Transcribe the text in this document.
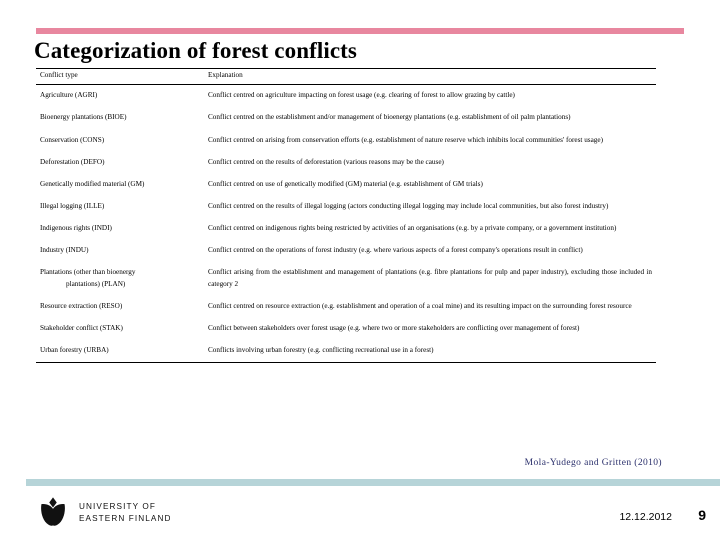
Categorization of forest conflicts
Conflict type	Explanation
Agriculture (AGRI)	Conflict centred on agriculture impacting on forest usage (e.g. clearing of forest to allow grazing by cattle)
Bioenergy plantations (BIOE)	Conflict centred on the establishment and/or management of bioenergy plantations (e.g. establishment of oil palm plantations)
Conservation (CONS)	Conflict centred on arising from conservation efforts (e.g. establishment of nature reserve which inhibits local communities' forest usage)
Deforestation (DEFO)	Conflict centred on the results of deforestation (various reasons may be the cause)
Genetically modified material (GM)	Conflict centred on use of genetically modified (GM) material (e.g. establishment of GM trials)
Illegal logging (ILLE)	Conflict centred on the results of illegal logging (actors conducting illegal logging may include local communities, but also forest industry)
Indigenous rights (INDI)	Conflict centred on indigenous rights being restricted by activities of an organisations (e.g. by a private company, or a government institution)
Industry (INDU)	Conflict centred on the operations of forest industry (e.g. where various aspects of a forest company's operations result in conflict)
Plantations (other than bioenergy
plantations) (PLAN)	Conflict arising from the establishment and management of plantations (e.g. fibre plantations for pulp and paper industry), excluding those included in category 2
Resource extraction (RESO)	Conflict centred on resource extraction (e.g. establishment and operation of a coal mine) and its resulting impact on the surrounding forest resource
Stakeholder conflict (STAK)	Conflict between stakeholders over forest usage (e.g. where two or more stakeholders are conflicting over management of forest)
Urban forestry (URBA)	Conflicts involving urban forestry (e.g. conflicting recreational use in a forest)
Mola-Yudego and Gritten (2010)
UNIVERSITY OF
EASTERN FINLAND	12.12.2012 9
